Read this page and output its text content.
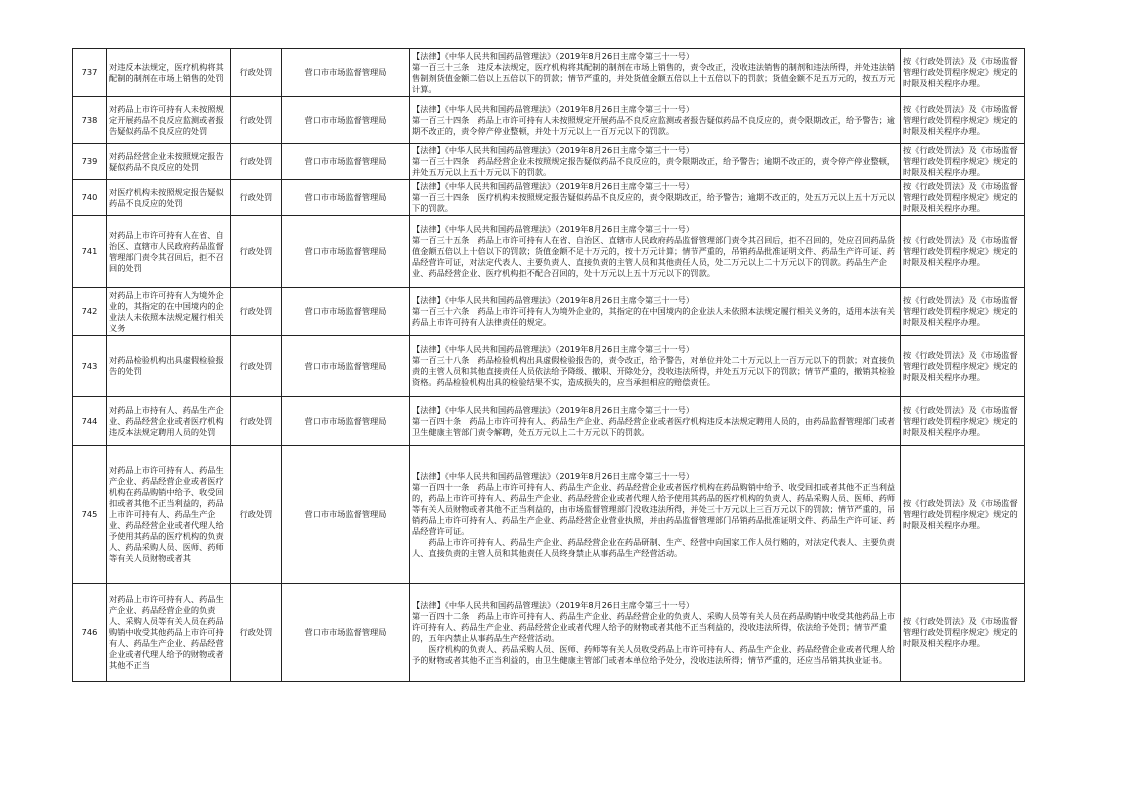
737	对违反本法规定，医疗机构将其配制的制剂在市场上销售的处罚	行政处罚	营口市市场监督管理局	【法律】《中华人民共和国药品管理法》（2019年8月26日主席令第三十一号）
第一百三十三条　违反本法规定，医疗机构将其配制的制剂在市场上销售的，责令改正，没收违法销售的制剂和违法所得，并处违法销售制剂货值金额二倍以上五倍以下的罚款；情节严重的，并处货值金额五倍以上十五倍以下的罚款；货值金额不足五万元的，按五万元计算。	按《行政处罚法》及《市场监督管理行政处罚程序规定》规定的时限及相关程序办理。
738	对药品上市许可持有人未按照规定开展药品不良反应监测或者报告疑似药品不良反应的处罚	行政处罚	营口市市场监督管理局	【法律】《中华人民共和国药品管理法》（2019年8月26日主席令第三十一号）
第一百三十四条　药品上市许可持有人未按照规定开展药品不良反应监测或者报告疑似药品不良反应的，责令限期改正，给予警告；逾期不改正的，责令停产停业整顿，并处十万元以上一百万元以下的罚款。	按《行政处罚法》及《市场监督管理行政处罚程序规定》规定的时限及相关程序办理。
739	对药品经营企业未按照规定报告疑似药品不良反应的处罚	行政处罚	营口市市场监督管理局	【法律】《中华人民共和国药品管理法》（2019年8月26日主席令第三十一号）
第一百三十四条　药品经营企业未按照规定报告疑似药品不良反应的，责令限期改正，给予警告；逾期不改正的，责令停产停业整顿，并处五万元以上五十万元以下的罚款。	按《行政处罚法》及《市场监督管理行政处罚程序规定》规定的时限及相关程序办理。
740	对医疗机构未按照规定报告疑似药品不良反应的处罚	行政处罚	营口市市场监督管理局	【法律】《中华人民共和国药品管理法》（2019年8月26日主席令第三十一号）
第一百三十四条　医疗机构未按照规定报告疑似药品不良反应的，责令限期改正，给予警告；逾期不改正的，处五万元以上五十万元以下的罚款。	按《行政处罚法》及《市场监督管理行政处罚程序规定》规定的时限及相关程序办理。
741	对药品上市许可持有人在省、自治区、直辖市人民政府药品监督管理部门责令其召回后，拒不召回的处罚	行政处罚	营口市市场监督管理局	【法律】《中华人民共和国药品管理法》（2019年8月26日主席令第三十一号）
第一百三十五条　药品上市许可持有人在省、自治区、直辖市人民政府药品监督管理部门责令其召回后，拒不召回的，处应召回药品货值金额五倍以上十倍以下的罚款；货值金额不足十万元的，按十万元计算；情节严重的，吊销药品批准证明文件、药品生产许可证、药品经营许可证，对法定代表人、主要负责人、直接负责的主管人员和其他责任人员，处二万元以上二十万元以下的罚款。药品生产企业、药品经营企业、医疗机构拒不配合召回的，处十万元以上五十万元以下的罚款。	按《行政处罚法》及《市场监督管理行政处罚程序规定》规定的时限及相关程序办理。
742	对药品上市许可持有人为境外企业的，其指定的在中国境内的企业法人未依照本法规定履行相关义务	行政处罚	营口市市场监督管理局	【法律】《中华人民共和国药品管理法》（2019年8月26日主席令第三十一号）
第一百三十六条　药品上市许可持有人为境外企业的，其指定的在中国境内的企业法人未依照本法规定履行相关义务的，适用本法有关药品上市许可持有人法律责任的规定。	按《行政处罚法》及《市场监督管理行政处罚程序规定》规定的时限及相关程序办理。
743	对药品检验机构出具虚假检验报告的处罚	行政处罚	营口市市场监督管理局	【法律】《中华人民共和国药品管理法》（2019年8月26日主席令第三十一号）
第一百三十八条　药品检验机构出具虚假检验报告的，责令改正，给予警告，对单位并处二十万元以上一百万元以下的罚款；对直接负责的主管人员和其他直接责任人员依法给予降级、撤职、开除处分，没收违法所得，并处五万元以下的罚款；情节严重的，撤销其检验资格。药品检验机构出具的检验结果不实，造成损失的，应当承担相应的赔偿责任。	按《行政处罚法》及《市场监督管理行政处罚程序规定》规定的时限及相关程序办理。
744	对药品上市持有人、药品生产企业、药品经营企业或者医疗机构违反本法规定聘用人员的处罚	行政处罚	营口市市场监督管理局	【法律】《中华人民共和国药品管理法》（2019年8月26日主席令第三十一号）
第一百四十条　药品上市许可持有人、药品生产企业、药品经营企业或者医疗机构违反本法规定聘用人员的，由药品监督管理部门或者卫生健康主管部门责令解聘，处五万元以上二十万元以下的罚款。	按《行政处罚法》及《市场监督管理行政处罚程序规定》规定的时限及相关程序办理。
745	对药品上市许可持有人、药品生产企业、药品经营企业或者医疗机构在药品购销中给予、收受回扣或者其他不正当利益的，药品上市许可持有人、药品生产企业、药品经营企业或者代理人给予使用其药品的医疗机构的负责人、药品采购人员、医师、药师等有关人员财物或者其	行政处罚	营口市市场监督管理局	【法律】《中华人民共和国药品管理法》（2019年8月26日主席令第三十一号）
第一百四十一条　药品上市许可持有人、药品生产企业、药品经营企业或者医疗机构在药品购销中给予、收受回扣或者其他不正当利益的，药品上市许可持有人、药品生产企业、药品经营企业或者代理人给予使用其药品的医疗机构的负责人、药品采购人员、医师、药师等有关人员财物或者其他不正当利益的，由市场监督管理部门没收违法所得，并处三十万元以上三百万元以下的罚款；情节严重的，吊销药品上市许可持有人、药品生产企业、药品经营企业营业执照，并由药品监督管理部门吊销药品批准证明文件、药品生产许可证、药品经营许可证。
药品上市许可持有人、药品生产企业、药品经营企业在药品研制、生产、经营中向国家工作人员行贿的，对法定代表人、主要负责人、直接负责的主管人员和其他责任人员终身禁止从事药品生产经营活动。	按《行政处罚法》及《市场监督管理行政处罚程序规定》规定的时限及相关程序办理。
746	对药品上市许可持有人、药品生产企业、药品经营企业的负责人、采购人员等有关人员在药品购销中收受其他药品上市许可持有人、药品生产企业、药品经营企业或者代理人给予的财物或者其他不正当	行政处罚	营口市市场监督管理局	【法律】《中华人民共和国药品管理法》（2019年8月26日主席令第三十一号）
第一百四十二条　药品上市许可持有人、药品生产企业、药品经营企业的负责人、采购人员等有关人员在药品购销中收受其他药品上市许可持有人、药品生产企业、药品经营企业或者代理人给予的财物或者其他不正当利益的，没收违法所得，依法给予处罚；情节严重的，五年内禁止从事药品生产经营活动。
医疗机构的负责人、药品采购人员、医师、药师等有关人员收受药品上市许可持有人、药品生产企业、药品经营企业或者代理人给予的财物或者其他不正当利益的，由卫生健康主管部门或者本单位给予处分，没收违法所得；情节严重的，还应当吊销其执业证书。	按《行政处罚法》及《市场监督管理行政处罚程序规定》规定的时限及相关程序办理。
